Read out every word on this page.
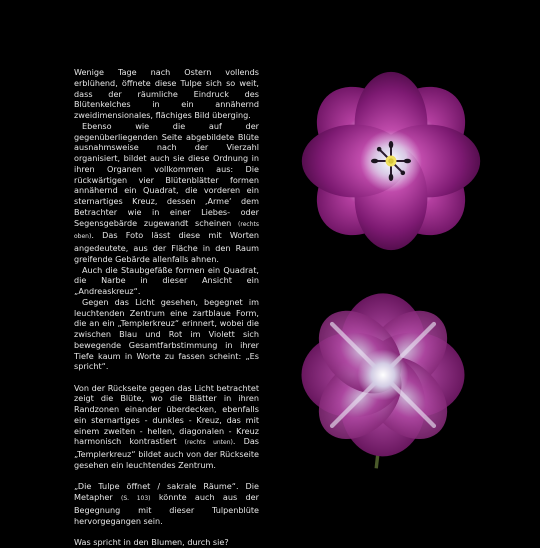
Wenige Tage nach Ostern vollends erblühend, öffnete diese Tulpe sich so weit, dass der räumliche Eindruck des Blütenkelches in ein annähernd zweidimensionales, flächiges Bild überging.

Ebenso wie die auf der gegenüberliegenden Seite abgebildete Blüte ausnahmsweise nach der Vierzahl organisiert, bildet auch sie diese Ordnung in ihren Organen vollkommen aus: Die rückwärtigen vier Blütenblätter formen annähernd ein Quadrat, die vorderen ein sternartiges Kreuz, dessen ‚Arme‘ dem Betrachter wie in einer Liebes- oder Segensgebärde zugewandt scheinen (rechts oben). Das Foto lässt diese mit Worten angedeutete, aus der Fläche in den Raum greifende Gebärde allenfalls ahnen.

Auch die Staubgefäße formen ein Quadrat, die Narbe in dieser Ansicht ein „Andreaskreuz“.

Gegen das Licht gesehen, begegnet im leuchtenden Zentrum eine zartblaue Form, die an ein „Templerkreuz“ erinnert, wobei die zwischen Blau und Rot im Violett sich bewegende Gesamtfarbstimmung in ihrer Tiefe kaum in Worte zu fassen scheint: „Es spricht“.

Von der Rückseite gegen das Licht betrachtet zeigt die Blüte, wo die Blätter in ihren Randzonen einander überdecken, ebenfalls ein sternartiges - dunkles - Kreuz, das mit einem zweiten - hellen, diagonalen - Kreuz harmonisch kontrastiert (rechts unten). Das „Templerkreuz“ bildet auch von der Rückseite gesehen ein leuchtendes Zentrum.

„Die Tulpe öffnet / sakrale Räume“. Die Metapher (S. 103) könnte auch aus der Begegnung mit dieser Tulpenblüte hervorgegangen sein.

Was spricht in den Blumen, durch sie?
